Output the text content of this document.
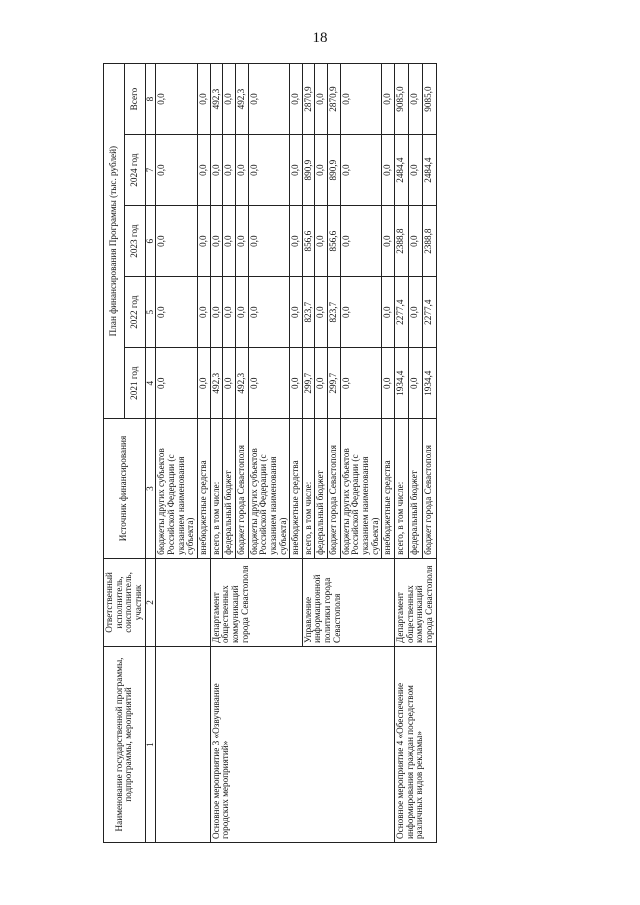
18
Наименование государственной программы, подпрограммы, мероприятий	Ответственный исполнитель, соисполнитель, участник	Источник финансирования	План финансирования Программы (тыс. рублей)				
			2021 год	2022 год	2023 год	2024 год	Всего
1	2	3	4	5	6	7	8
		бюджеты других субъектов Российской Федерации (с указанием наименования субъекта)	0,0	0,0	0,0	0,0	0,0
		внебюджетные средства	0,0	0,0	0,0	0,0	0,0
Основное мероприятие 3 «Озвучивание городских мероприятий»	Департамент общественных коммуникаций города Севастополя	всего, в том числе:	492,3	0,0	0,0	0,0	492,3
		федеральный бюджет	0,0	0,0	0,0	0,0	0,0
		бюджет города Севастополя	492,3	0,0	0,0	0,0	492,3
		бюджеты других субъектов Российской Федерации (с указанием наименования субъекта)	0,0	0,0	0,0	0,0	0,0
		внебюджетные средства	0,0	0,0	0,0	0,0	0,0
	Управление информационной политики города Севастополя	всего, в том числе:	299,7	823,7	856,6	890,9	2870,9
		федеральный бюджет	0,0	0,0	0,0	0,0	0,0
		бюджет города Севастополя	299,7	823,7	856,6	890,9	2870,9
		бюджеты других субъектов Российской Федерации (с указанием наименования субъекта)	0,0	0,0	0,0	0,0	0,0
		внебюджетные средства	0,0	0,0	0,0	0,0	0,0
Основное мероприятие 4 «Обеспечение информирования граждан посредством различных видов рекламы»	Департамент общественных коммуникаций города Севастополя	всего, в том числе:	1934,4	2277,4	2388,8	2484,4	9085,0
		федеральный бюджет	0,0	0,0	0,0	0,0	0,0
		бюджет города Севастополя	1934,4	2277,4	2388,8	2484,4	9085,0
